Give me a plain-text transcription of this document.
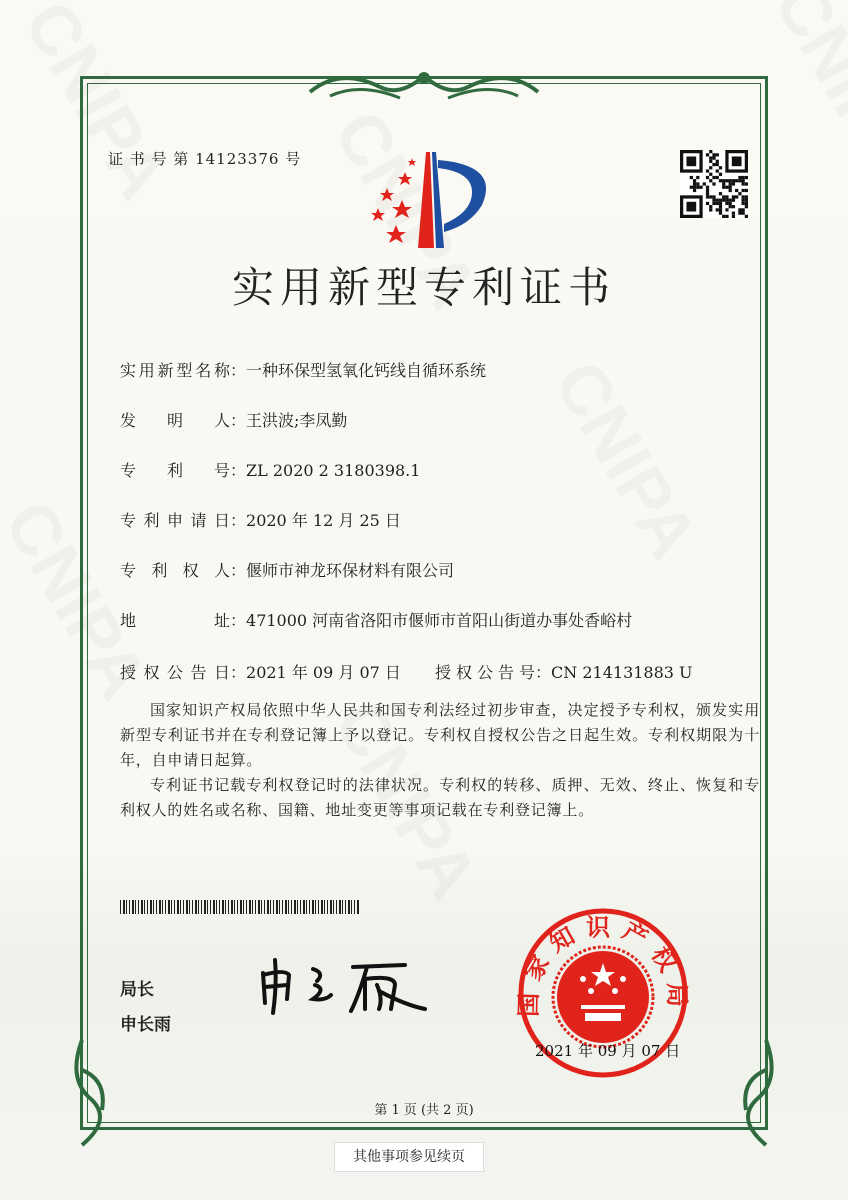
证 书 号 第 14123376 号
实用新型专利证书
实用新型名称：一种环保型氢氧化钙线自循环系统
发明人：王洪波;李凤勤
专利号：ZL 2020 2 3180398.1
专利申请日：2020 年 12 月 25 日
专利权人：偃师市神龙环保材料有限公司
地址：471000 河南省洛阳市偃师市首阳山街道办事处香峪村
授权公告日：2021 年 09 月 07 日 授权公告号：CN 214131883 U

国家知识产权局依照中华人民共和国专利法经过初步审查，决定授予专利权，颁发实用新型专利证书并在专利登记簿上予以登记。专利权自授权公告之日起生效。专利权期限为十年，自申请日起算。

专利证书记载专利权登记时的法律状况。专利权的转移、质押、无效、终止、恢复和专利权人的姓名或名称、国籍、地址变更等事项记载在专利登记簿上。

局长
申长雨
国家知识产权局
2021 年 09 月 07 日
第 1 页 (共 2 页)
其他事项参见续页
